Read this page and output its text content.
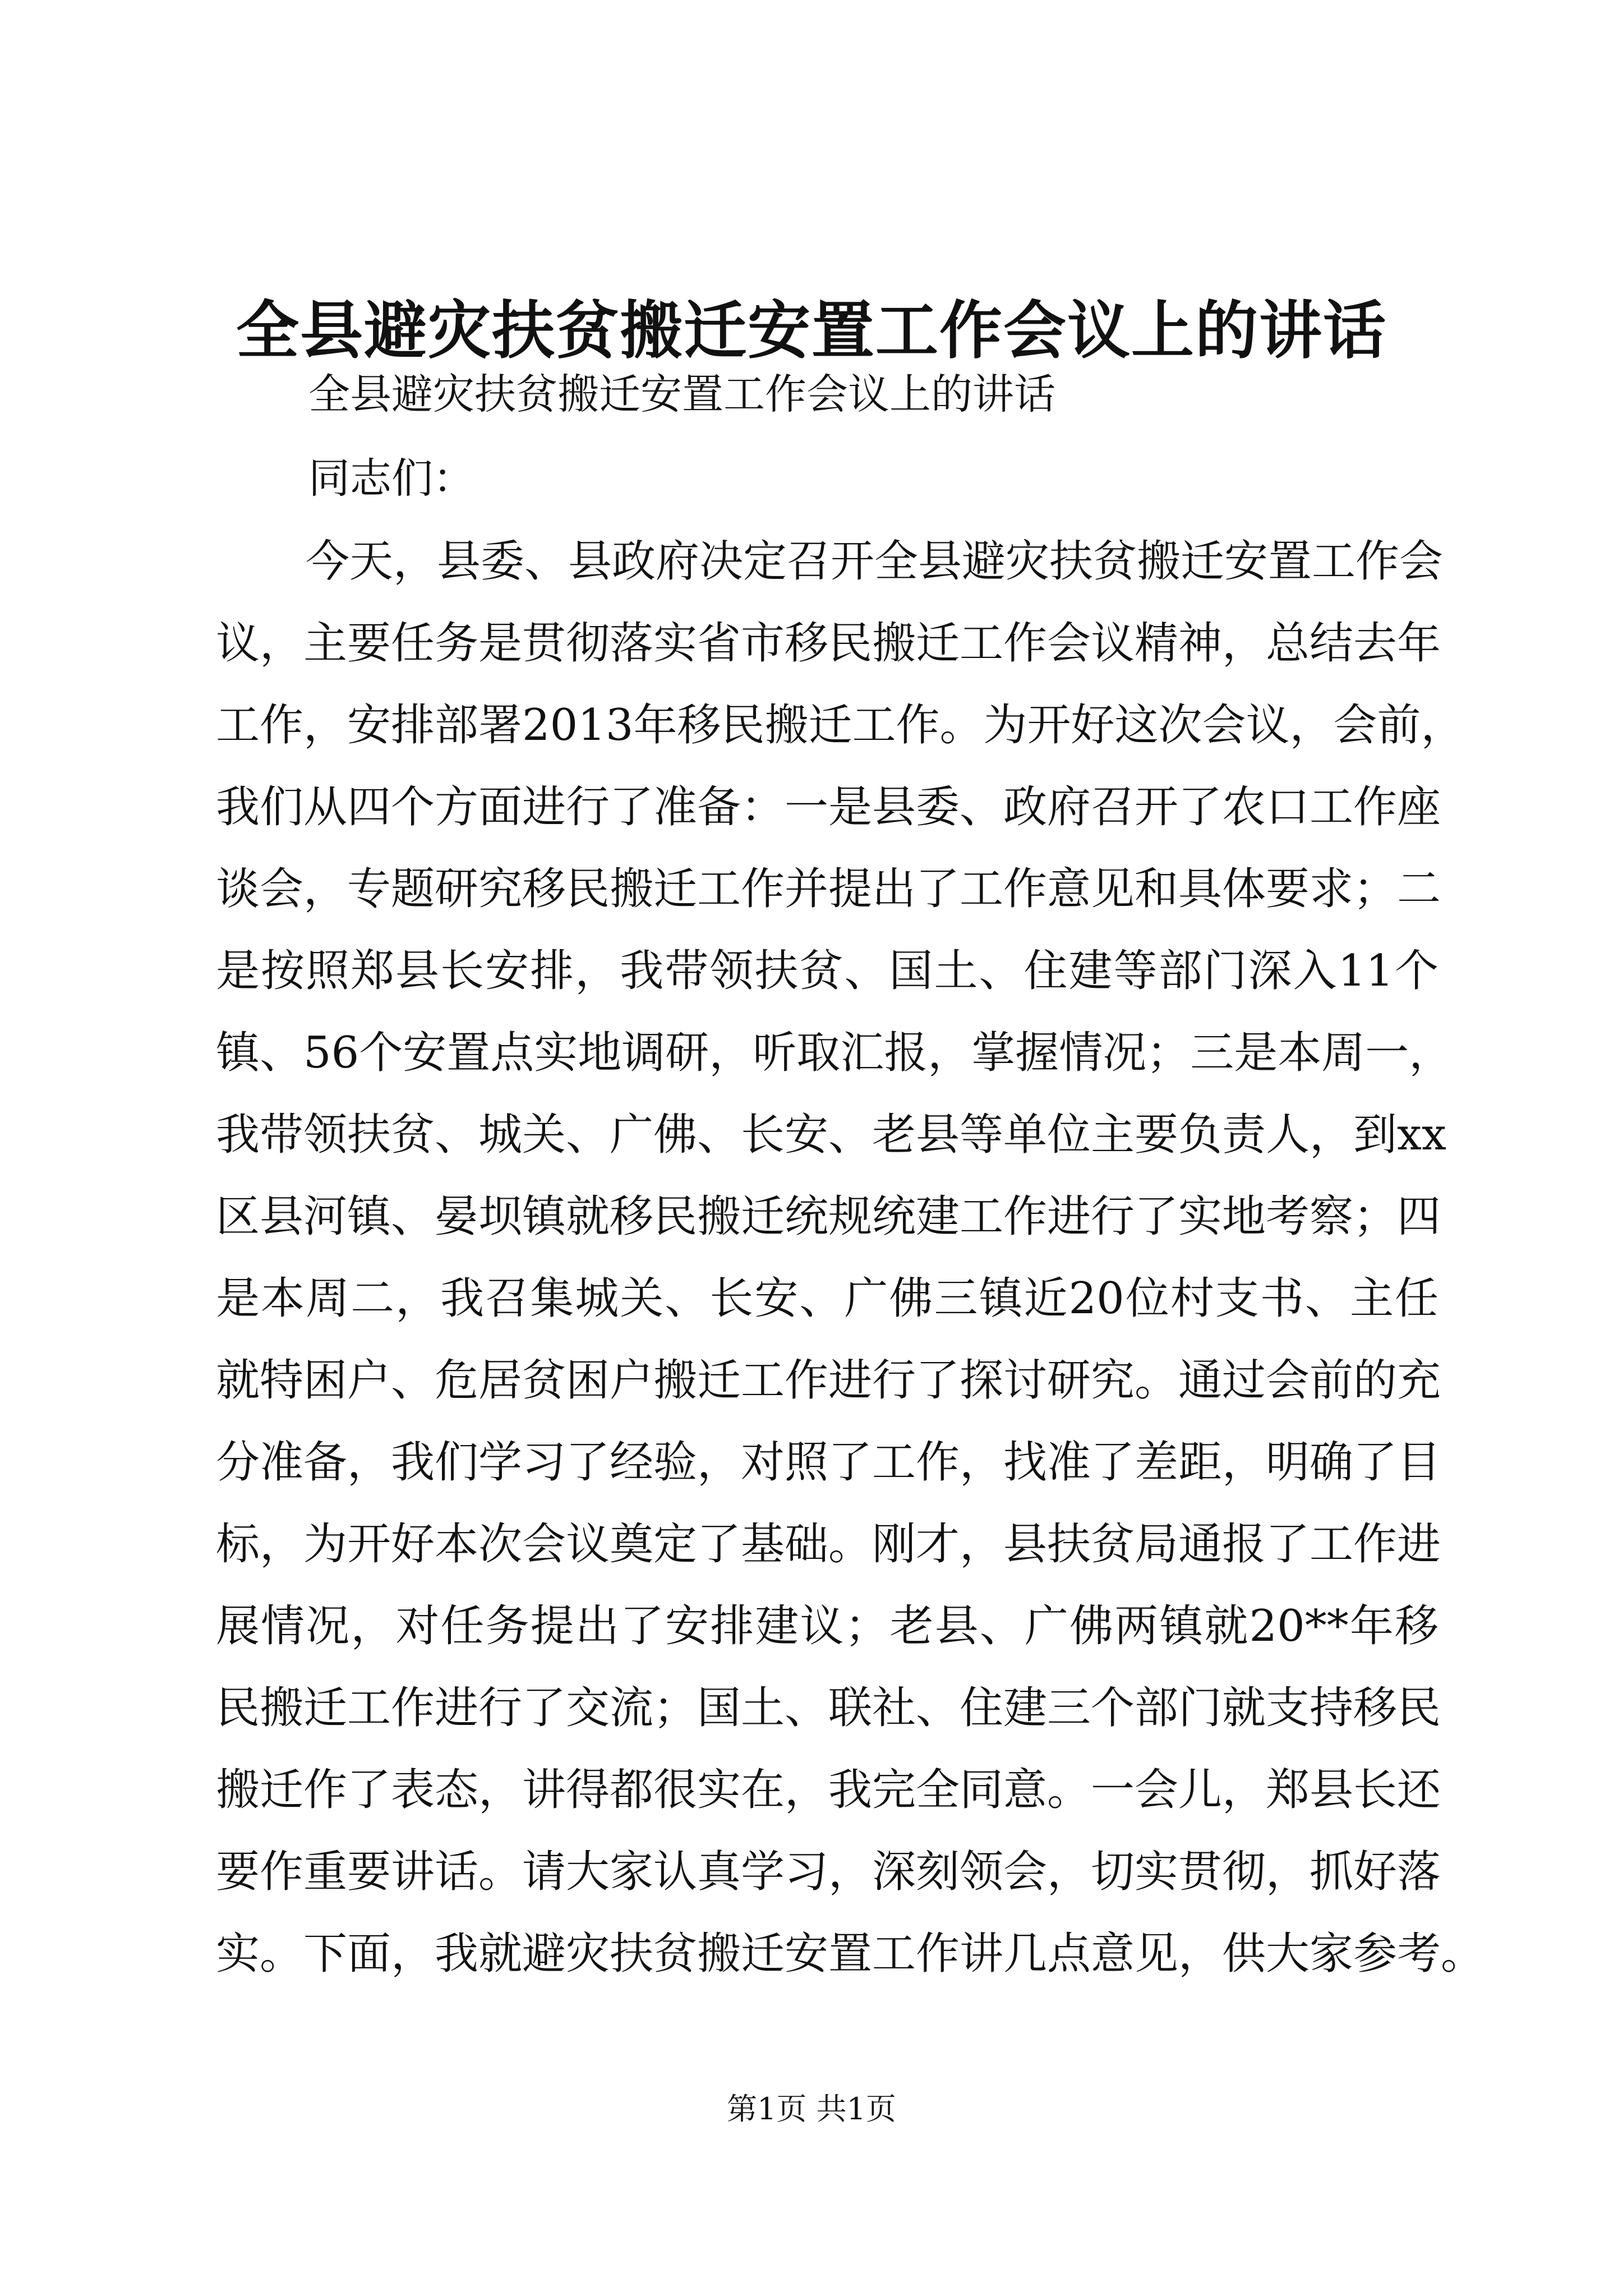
全县避灾扶贫搬迁安置工作会议上的讲话

全县避灾扶贫搬迁安置工作会议上的讲话

同志们：

今天，县委、县政府决定召开全县避灾扶贫搬迁安置工作会
议，主要任务是贯彻落实省市移民搬迁工作会议精神，总结去年
工作，安排部署2013年移民搬迁工作。为开好这次会议，会前，
我们从四个方面进行了准备：一是县委、政府召开了农口工作座
谈会，专题研究移民搬迁工作并提出了工作意见和具体要求；二
是按照郑县长安排，我带领扶贫、国土、住建等部门深入11个
镇、56个安置点实地调研，听取汇报，掌握情况；三是本周一，
我带领扶贫、城关、广佛、长安、老县等单位主要负责人，到xx
区县河镇、晏坝镇就移民搬迁统规统建工作进行了实地考察；四
是本周二，我召集城关、长安、广佛三镇近20位村支书、主任
就特困户、危居贫困户搬迁工作进行了探讨研究。通过会前的充
分准备，我们学习了经验，对照了工作，找准了差距，明确了目
标，为开好本次会议奠定了基础。刚才，县扶贫局通报了工作进
展情况，对任务提出了安排建议；老县、广佛两镇就20**年移
民搬迁工作进行了交流；国土、联社、住建三个部门就支持移民
搬迁作了表态，讲得都很实在，我完全同意。一会儿，郑县长还
要作重要讲话。请大家认真学习，深刻领会，切实贯彻，抓好落
实。下面，我就避灾扶贫搬迁安置工作讲几点意见，供大家参考。

第1页 共1页
